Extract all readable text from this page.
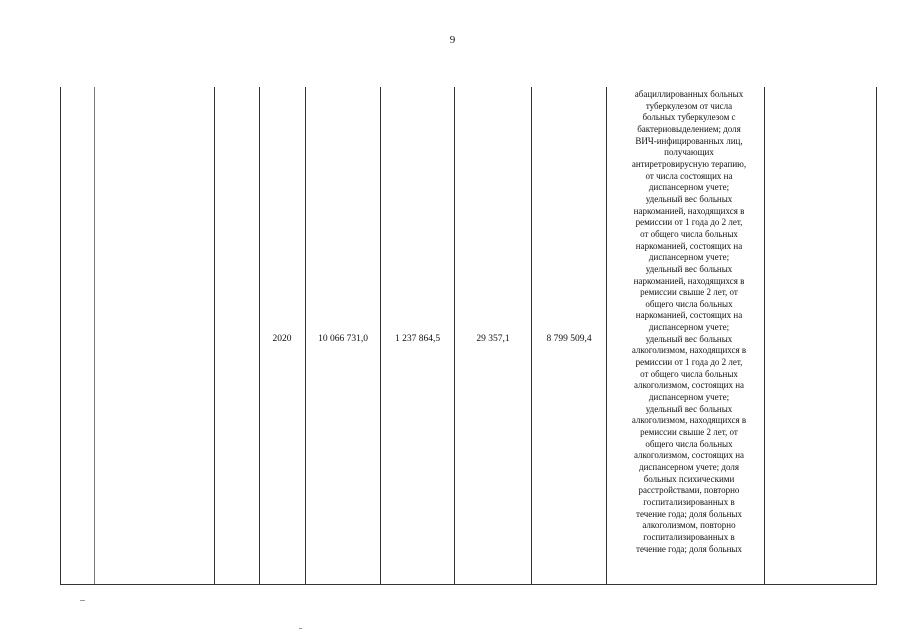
9
2020	10 066 731,0	1 237 864,5	29 357,1	8 799 509,4
абациллированных больных
туберкулезом от числа
больных туберкулезом с
бактериовыделением; доля
ВИЧ-инфицированных лиц,
получающих
антиретровирусную терапию,
от числа состоящих на
диспансерном учете;
удельный вес больных
наркоманией, находящихся в
ремиссии от 1 года до 2 лет,
от общего числа больных
наркоманией, состоящих на
диспансерном учете;
удельный вес больных
наркоманией, находящихся в
ремиссии свыше 2 лет, от
общего числа больных
наркоманией, состоящих на
диспансерном учете;
удельный вес больных
алкоголизмом, находящихся в
ремиссии от 1 года до 2 лет,
от общего числа больных
алкоголизмом, состоящих на
диспансерном учете;
удельный вес больных
алкоголизмом, находящихся в
ремиссии свыше 2 лет, от
общего числа больных
алкоголизмом, состоящих на
диспансерном учете; доля
больных психическими
расстройствами, повторно
госпитализированных в
течение года; доля больных
алкоголизмом, повторно
госпитализированных в
течение года; доля больных
